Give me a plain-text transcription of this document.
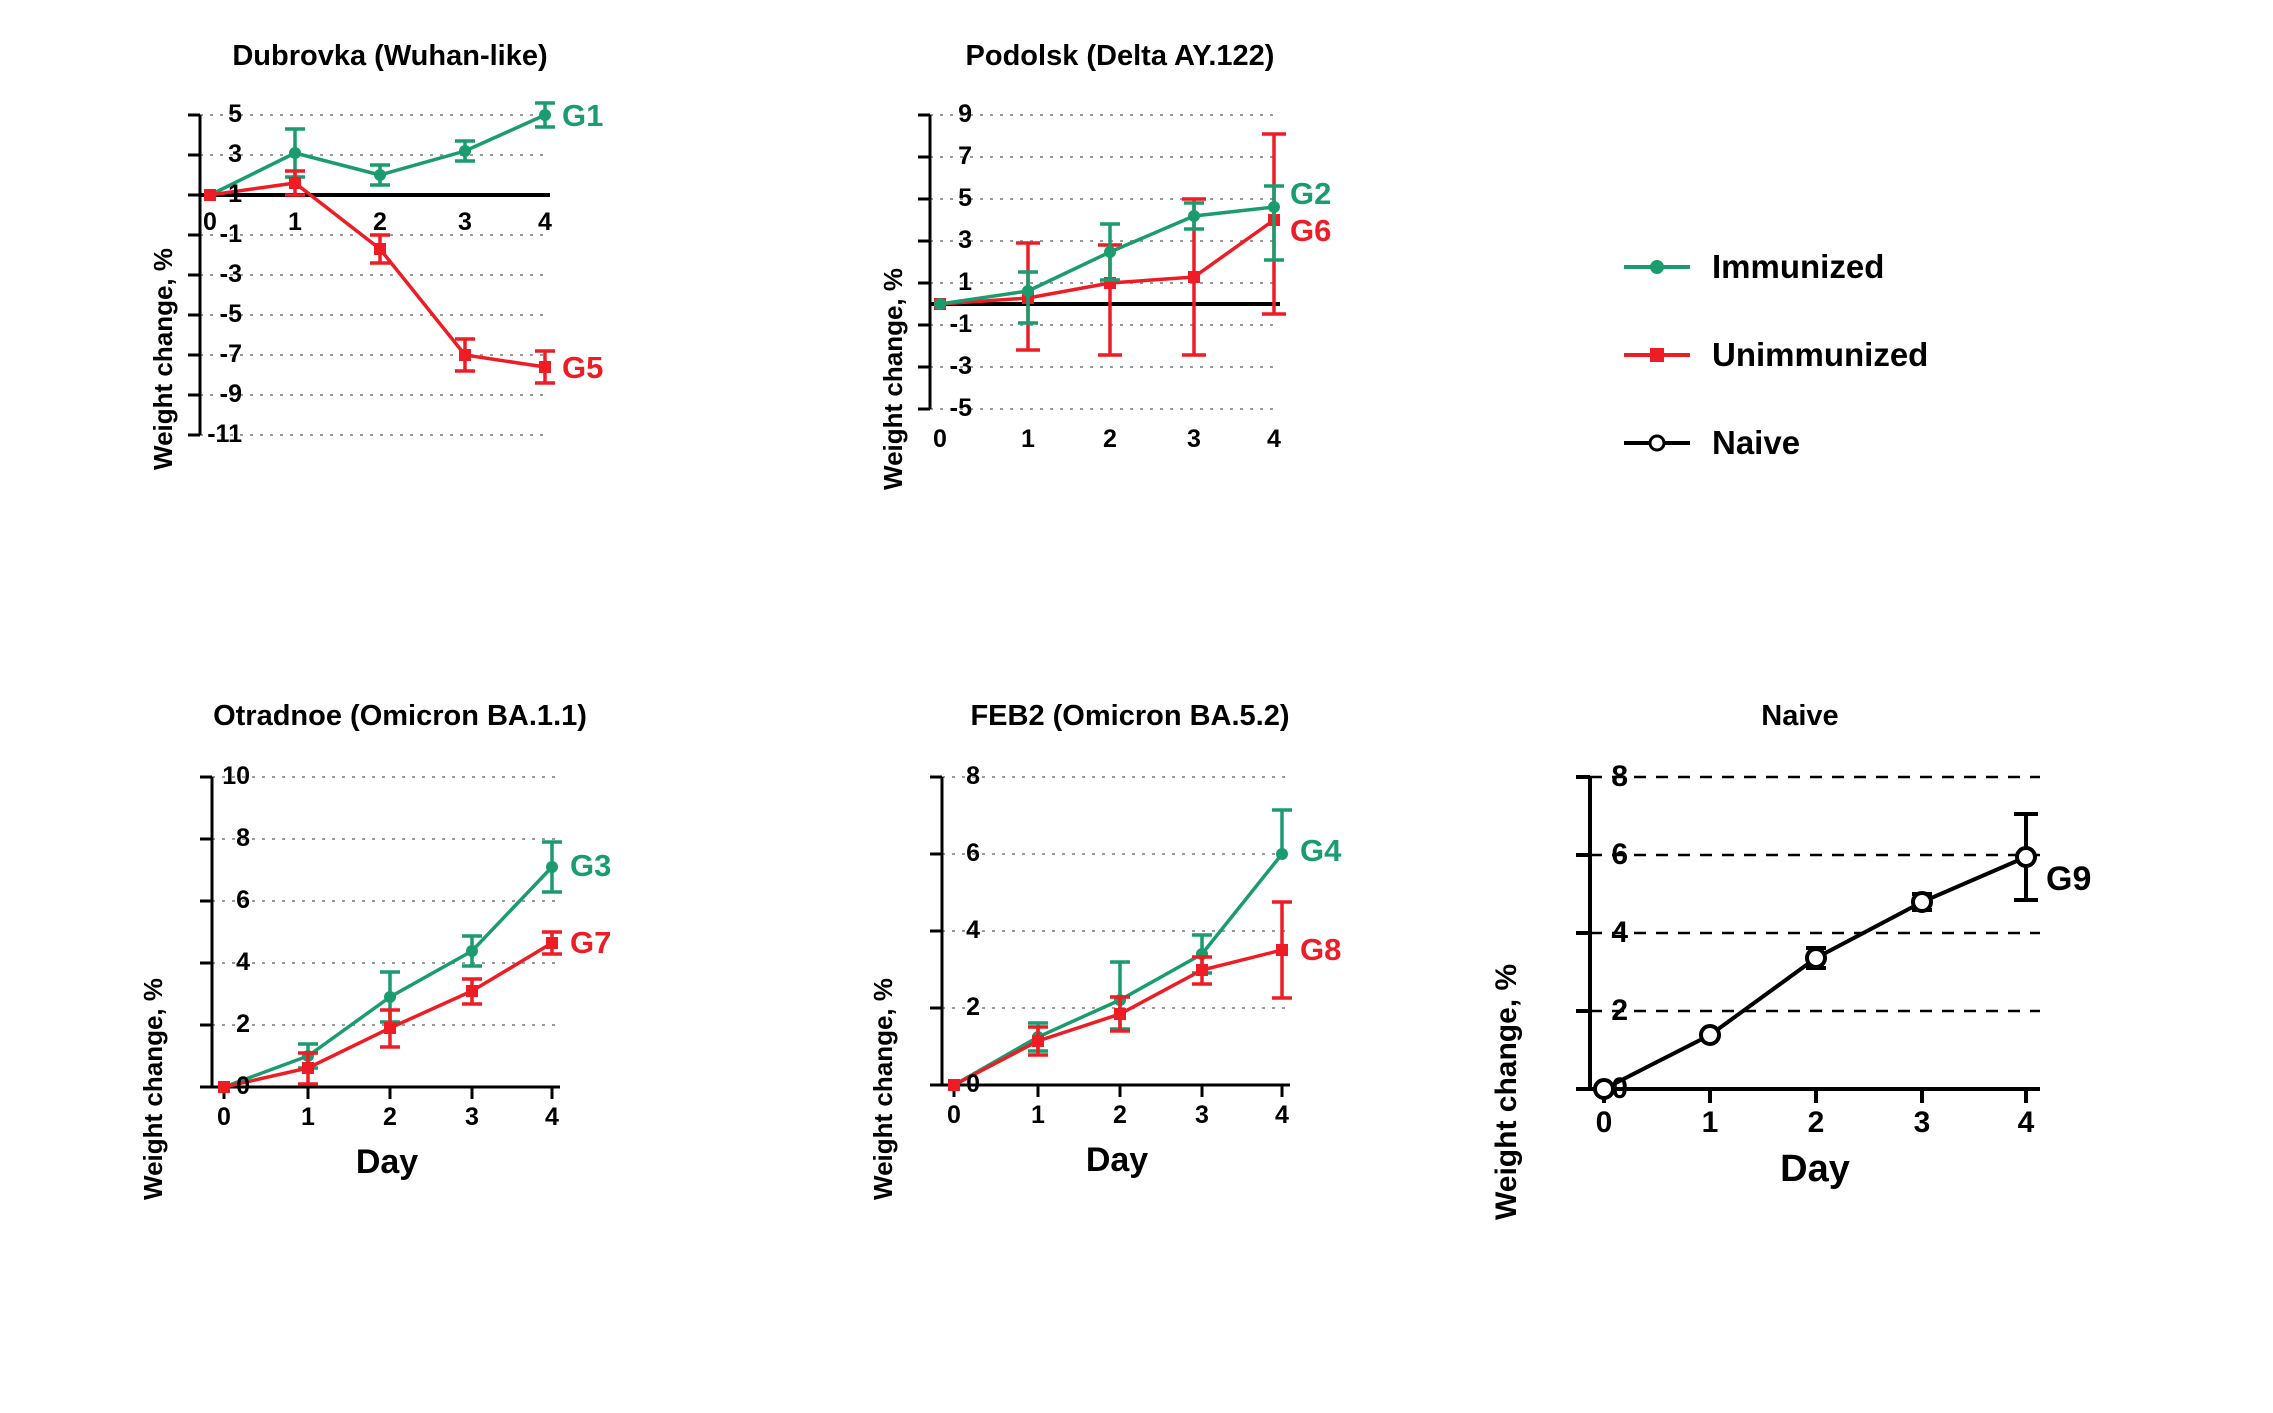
Dubrovka (Wuhan-like)
Weight change, %
5
3
1
-1
-3
-5
-7
-9
-11
0	1	2	3	4
G1
G5
Podolsk (Delta AY.122)
Weight change, %
9
7
5
3
1
-1
-3
-5
0	1	2	3	4
G2
G6
Immunized
Unimmunized
Naive
Otradnoe (Omicron BA.1.1)
Weight change, %
10
8
6
4
2
0
0	1	2	3	4
Day
G3
G7
FEB2 (Omicron BA.5.2)
Weight change, %
8
6
4
2
0
0	1	2	3	4
Day
G4
G8
Naive
Weight change, %
8
6
4
2
0
0	1	2	3	4
Day
G9
